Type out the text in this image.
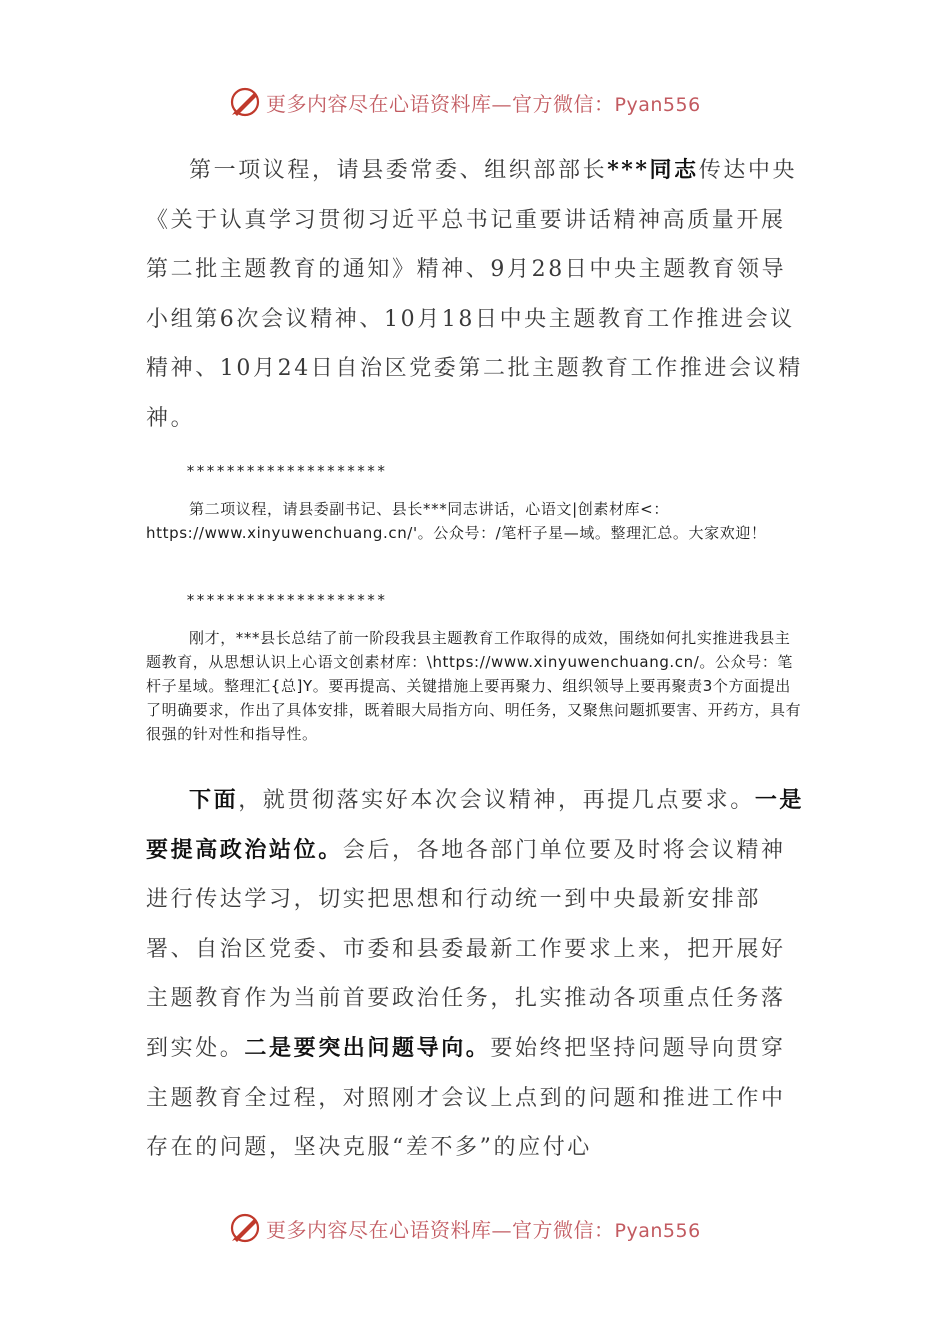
更多内容尽在心语资料库—官方微信：Pyan556

第一项议程，请县委常委、组织部部长***同志传达中央《关于认真学习贯彻习近平总书记重要讲话精神高质量开展第二批主题教育的通知》精神、9月28日中央主题教育领导小组第6次会议精神、10月18日中央主题教育工作推进会议精神、10月24日自治区党委第二批主题教育工作推进会议精神。

********************

第二项议程，请县委副书记、县长***同志讲话，心语文|创素材库<：https://www.xinyuwenchuang.cn/'。公众号：/笔杆子星—域。整理汇总。大家欢迎！

********************

刚才，***县长总结了前一阶段我县主题教育工作取得的成效，围绕如何扎实推进我县主题教育，从思想认识上心语文创素材库：\https://www.xinyuwenchuang.cn/。公众号：笔杆子星域。整理汇{总]Y。要再提高、关键措施上要再聚力、组织领导上要再聚责3个方面提出了明确要求，作出了具体安排，既着眼大局指方向、明任务，又聚焦问题抓要害、开药方，具有很强的针对性和指导性。

下面，就贯彻落实好本次会议精神，再提几点要求。一是要提高政治站位。会后，各地各部门单位要及时将会议精神进行传达学习，切实把思想和行动统一到中央最新安排部署、自治区党委、市委和县委最新工作要求上来，把开展好主题教育作为当前首要政治任务，扎实推动各项重点任务落到实处。二是要突出问题导向。要始终把坚持问题导向贯穿主题教育全过程，对照刚才会议上点到的问题和推进工作中存在的问题，坚决克服“差不多”的应付心

更多内容尽在心语资料库—官方微信：Pyan556
